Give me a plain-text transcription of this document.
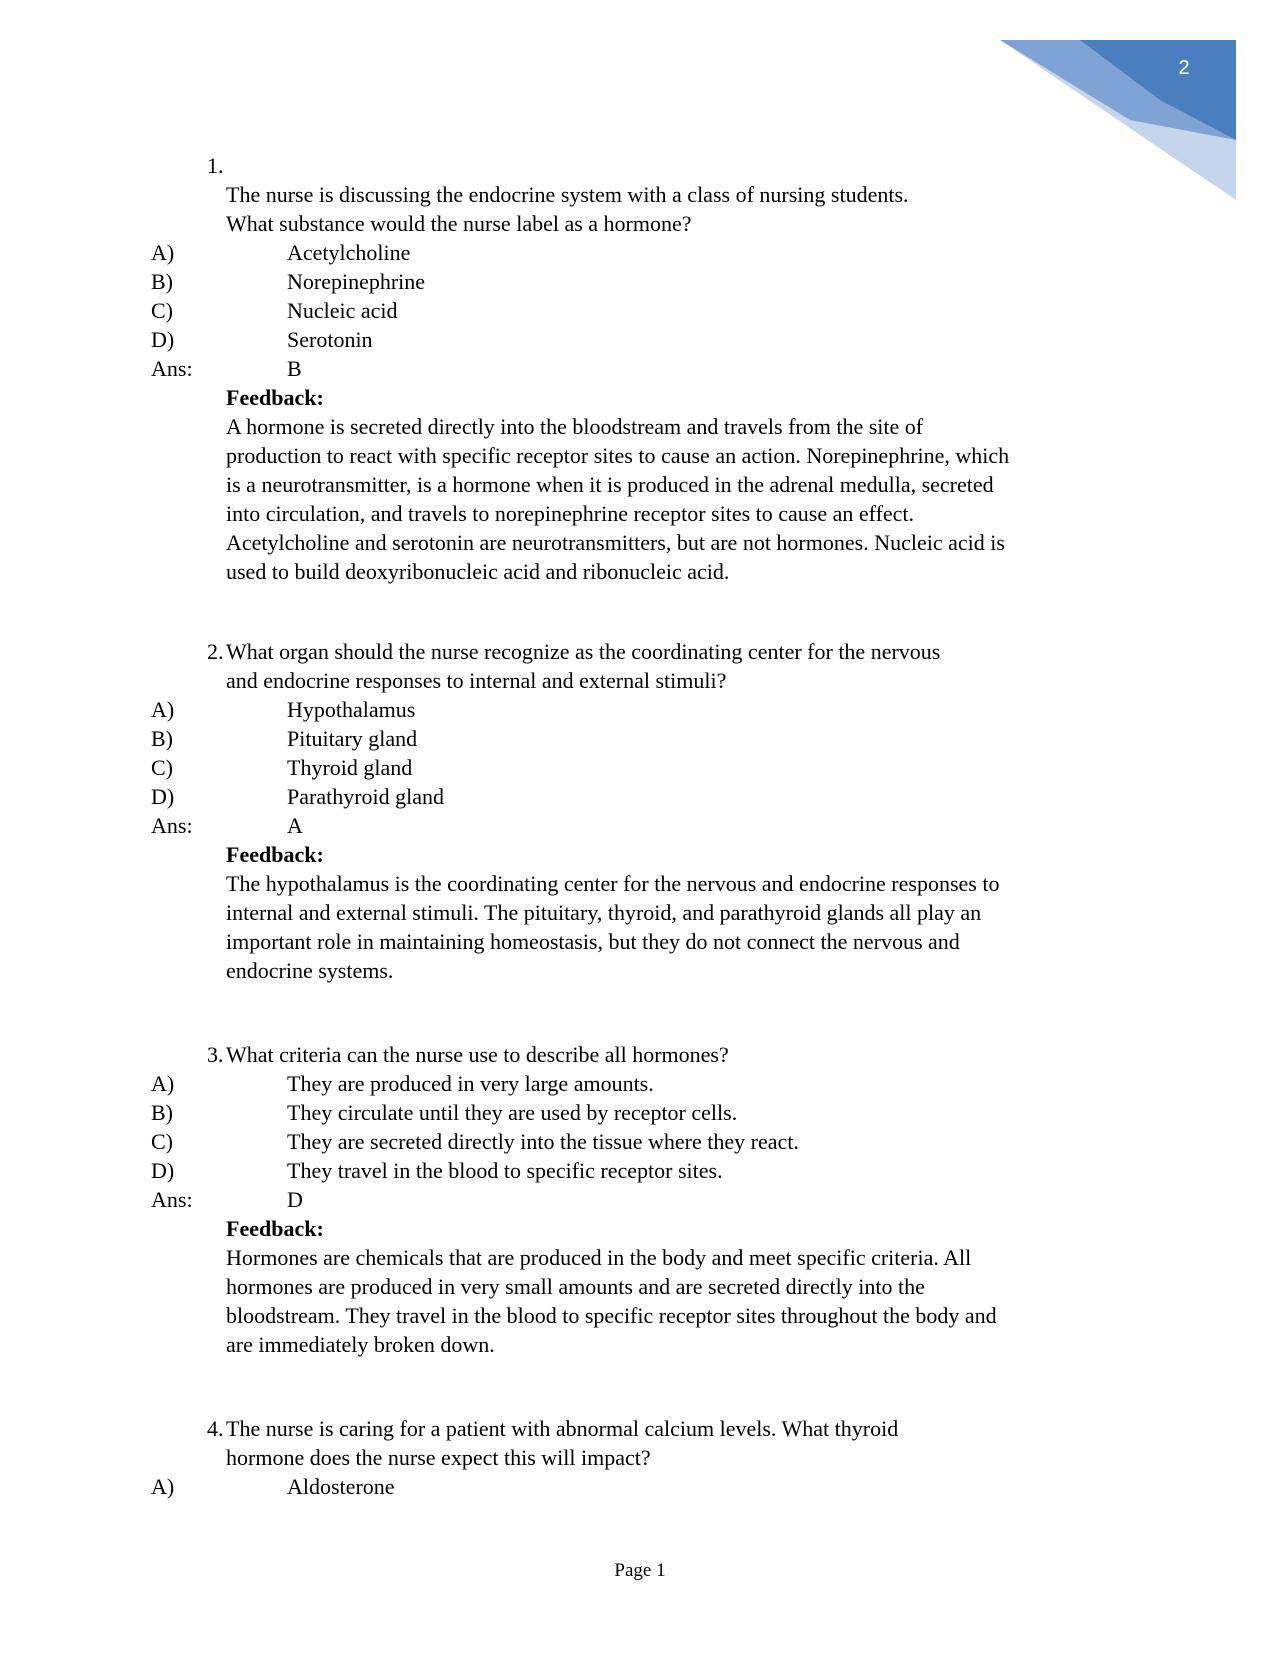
2
1.
The nurse is discussing the endocrine system with a class of nursing students.
What substance would the nurse label as a hormone?
A)	Acetylcholine
B)	Norepinephrine
C)	Nucleic acid
D)	Serotonin
Ans:	B
Feedback:
A hormone is secreted directly into the bloodstream and travels from the site of
production to react with specific receptor sites to cause an action. Norepinephrine, which
is a neurotransmitter, is a hormone when it is produced in the adrenal medulla, secreted
into circulation, and travels to norepinephrine receptor sites to cause an effect.
Acetylcholine and serotonin are neurotransmitters, but are not hormones. Nucleic acid is
used to build deoxyribonucleic acid and ribonucleic acid.
2. What organ should the nurse recognize as the coordinating center for the nervous
and endocrine responses to internal and external stimuli?
A)	Hypothalamus
B)	Pituitary gland
C)	Thyroid gland
D)	Parathyroid gland
Ans:	A
Feedback:
The hypothalamus is the coordinating center for the nervous and endocrine responses to
internal and external stimuli. The pituitary, thyroid, and parathyroid glands all play an
important role in maintaining homeostasis, but they do not connect the nervous and
endocrine systems.
3. What criteria can the nurse use to describe all hormones?
A)	They are produced in very large amounts.
B)	They circulate until they are used by receptor cells.
C)	They are secreted directly into the tissue where they react.
D)	They travel in the blood to specific receptor sites.
Ans:	D
Feedback:
Hormones are chemicals that are produced in the body and meet specific criteria. All
hormones are produced in very small amounts and are secreted directly into the
bloodstream. They travel in the blood to specific receptor sites throughout the body and
are immediately broken down.
4. The nurse is caring for a patient with abnormal calcium levels. What thyroid
hormone does the nurse expect this will impact?
A)	Aldosterone
Page 1
